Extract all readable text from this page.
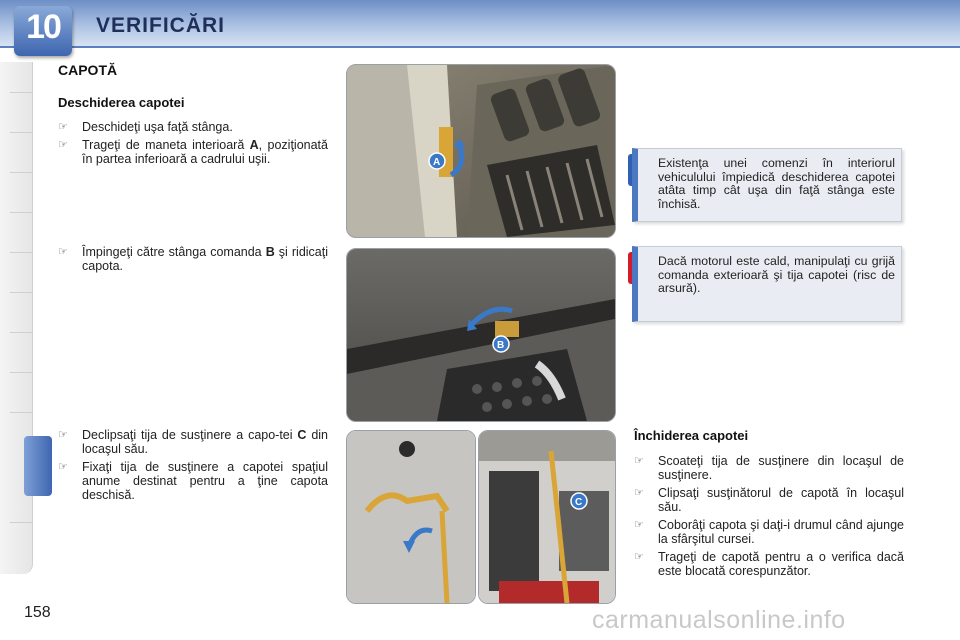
10	VERIFICĂRI
CAPOTĂ
Deschiderea capotei
☞ Deschideţi uşa faţă stânga.
☞ Trageţi de maneta interioară A, poziţionată în partea inferioară a cadrului uşii.
☞ Împingeţi către stânga comanda B şi ridicaţi capota.
☞ Declipsaţi tija de susţinere a capo-tei C din locaşul său.
☞ Fixaţi tija de susţinere a capotei spaţiul anume destinat pentru a ţine capota deschisă.
A
B
C
Existenţa unei comenzi în interiorul vehiculului împiedică deschiderea capotei atâta timp cât uşa din faţă stânga este închisă.
Dacă motorul este cald, manipulaţi cu grijă comanda exterioară şi tija capotei (risc de arsură).
Închiderea capotei
☞ Scoateţi tija de susţinere din locaşul de susţinere.
☞ Clipsaţi susţinătorul de capotă în locaşul său.
☞ Coborâţi capota şi daţi-i drumul când ajunge la sfârşitul cursei.
☞ Trageţi de capotă pentru a o verifica dacă este blocată corespunzător.
158	carmanualsonline.info
